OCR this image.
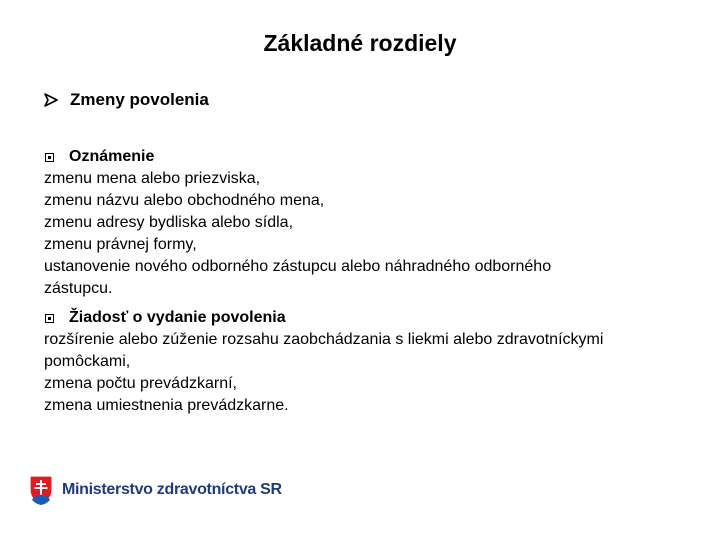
Základné rozdiely
Zmeny povolenia
Oznámenie
zmenu mena alebo priezviska,
zmenu názvu alebo obchodného mena,
zmenu adresy bydliska alebo sídla,
zmenu právnej formy,
ustanovenie nového odborného zástupcu alebo náhradného odborného
zástupcu.
Žiadosť o vydanie povolenia
rozšírenie alebo zúženie rozsahu zaobchádzania s liekmi alebo zdravotníckymi
pomôckami,
zmena počtu prevádzkarní,
zmena umiestnenia prevádzkarne.
Ministerstvo zdravotníctva SR
